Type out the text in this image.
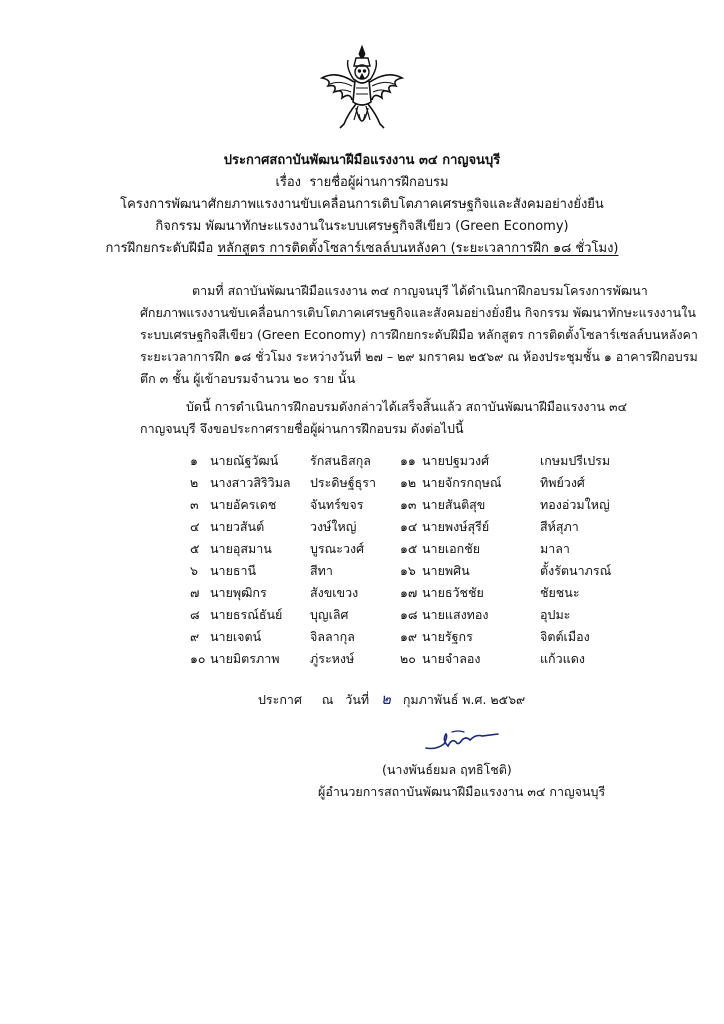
ประกาศสถาบันพัฒนาฝีมือแรงงาน ๓๔ กาญจนบุรี
เรื่อง รายชื่อผู้ผ่านการฝึกอบรม
โครงการพัฒนาศักยภาพแรงงานขับเคลื่อนการเติบโตภาคเศรษฐกิจและสังคมอย่างยั่งยืน
กิจกรรม พัฒนาทักษะแรงงานในระบบเศรษฐกิจสีเขียว (Green Economy)
การฝึกยกระดับฝีมือ หลักสูตร การติดตั้งโซลาร์เซลล์บนหลังคา (ระยะเวลาการฝึก ๑๘ ชั่วโมง)
ตามที่ สถาบันพัฒนาฝีมือแรงงาน ๓๔ กาญจนบุรี ได้ดำเนินกาฝึกอบรมโครงการพัฒนา
ศักยภาพแรงงานขับเคลื่อนการเติบโตภาคเศรษฐกิจและสังคมอย่างยั่งยืน กิจกรรม พัฒนาทักษะแรงงานใน
ระบบเศรษฐกิจสีเขียว (Green Economy) การฝึกยกระดับฝีมือ หลักสูตร การติดตั้งโซลาร์เซลล์บนหลังคา
ระยะเวลาการฝึก ๑๘ ชั่วโมง ระหว่างวันที่ ๒๗ – ๒๙ มกราคม ๒๕๖๙ ณ ห้องประชุมชั้น ๑ อาคารฝึกอบรม
ตึก ๓ ชั้น ผู้เข้าอบรมจำนวน ๒๐ ราย นั้น
บัดนี้ การดำเนินการฝึกอบรมดังกล่าวได้เสร็จสิ้นแล้ว สถาบันพัฒนาฝีมือแรงงาน ๓๔
กาญจนบุรี จึงขอประกาศรายชื่อผู้ผ่านการฝึกอบรม ดังต่อไปนี้
๑ นายณัฐวัฒน์	รักสนธิสกุล
๒ นางสาวสิริวิมล ประดิษฐ์ธุรา
๓ นายอัครเดช	จันทร์ขจร
๔ นายวสันต์	วงษ์ใหญ่
๕ นายอุสมาน	บูรณะวงศ์
๖ นายธานี	สีทา
๗ นายพุฒิกร	สังขเขวง
๘ นายธรณ์ธันย์ บุญเลิศ
๙ นายเจตน์	จิลลากุล
๑๐ นายมิตรภาพ ภู่ระหงษ์
๑๑ นายปฐมวงศ์	เกษมปรีเปรม
๑๒ นายจักรกฤษณ์	ทิพย์วงศ์
๑๓ นายสันติสุข	ทองอ่วมใหญ่
๑๔ นายพงษ์สุรีย์	สีห์สุภา
๑๕ นายเอกชัย	มาลา
๑๖ นายพศิน	ตั้งรัตนาภรณ์
๑๗ นายธวัชชัย	ชัยชนะ
๑๘ นายแสงทอง	อุปมะ
๑๙ นายรัฐกร	จิตต์เมือง
๒๐ นายจำลอง	แก้วแดง
ประกาศ ณ วันที่ ๒ กุมภาพันธ์ พ.ศ. ๒๕๖๙
(นางพันธ์ยมล ฤทธิโชติ)
ผู้อำนวยการสถาบันพัฒนาฝีมือแรงงาน ๓๔ กาญจนบุรี
